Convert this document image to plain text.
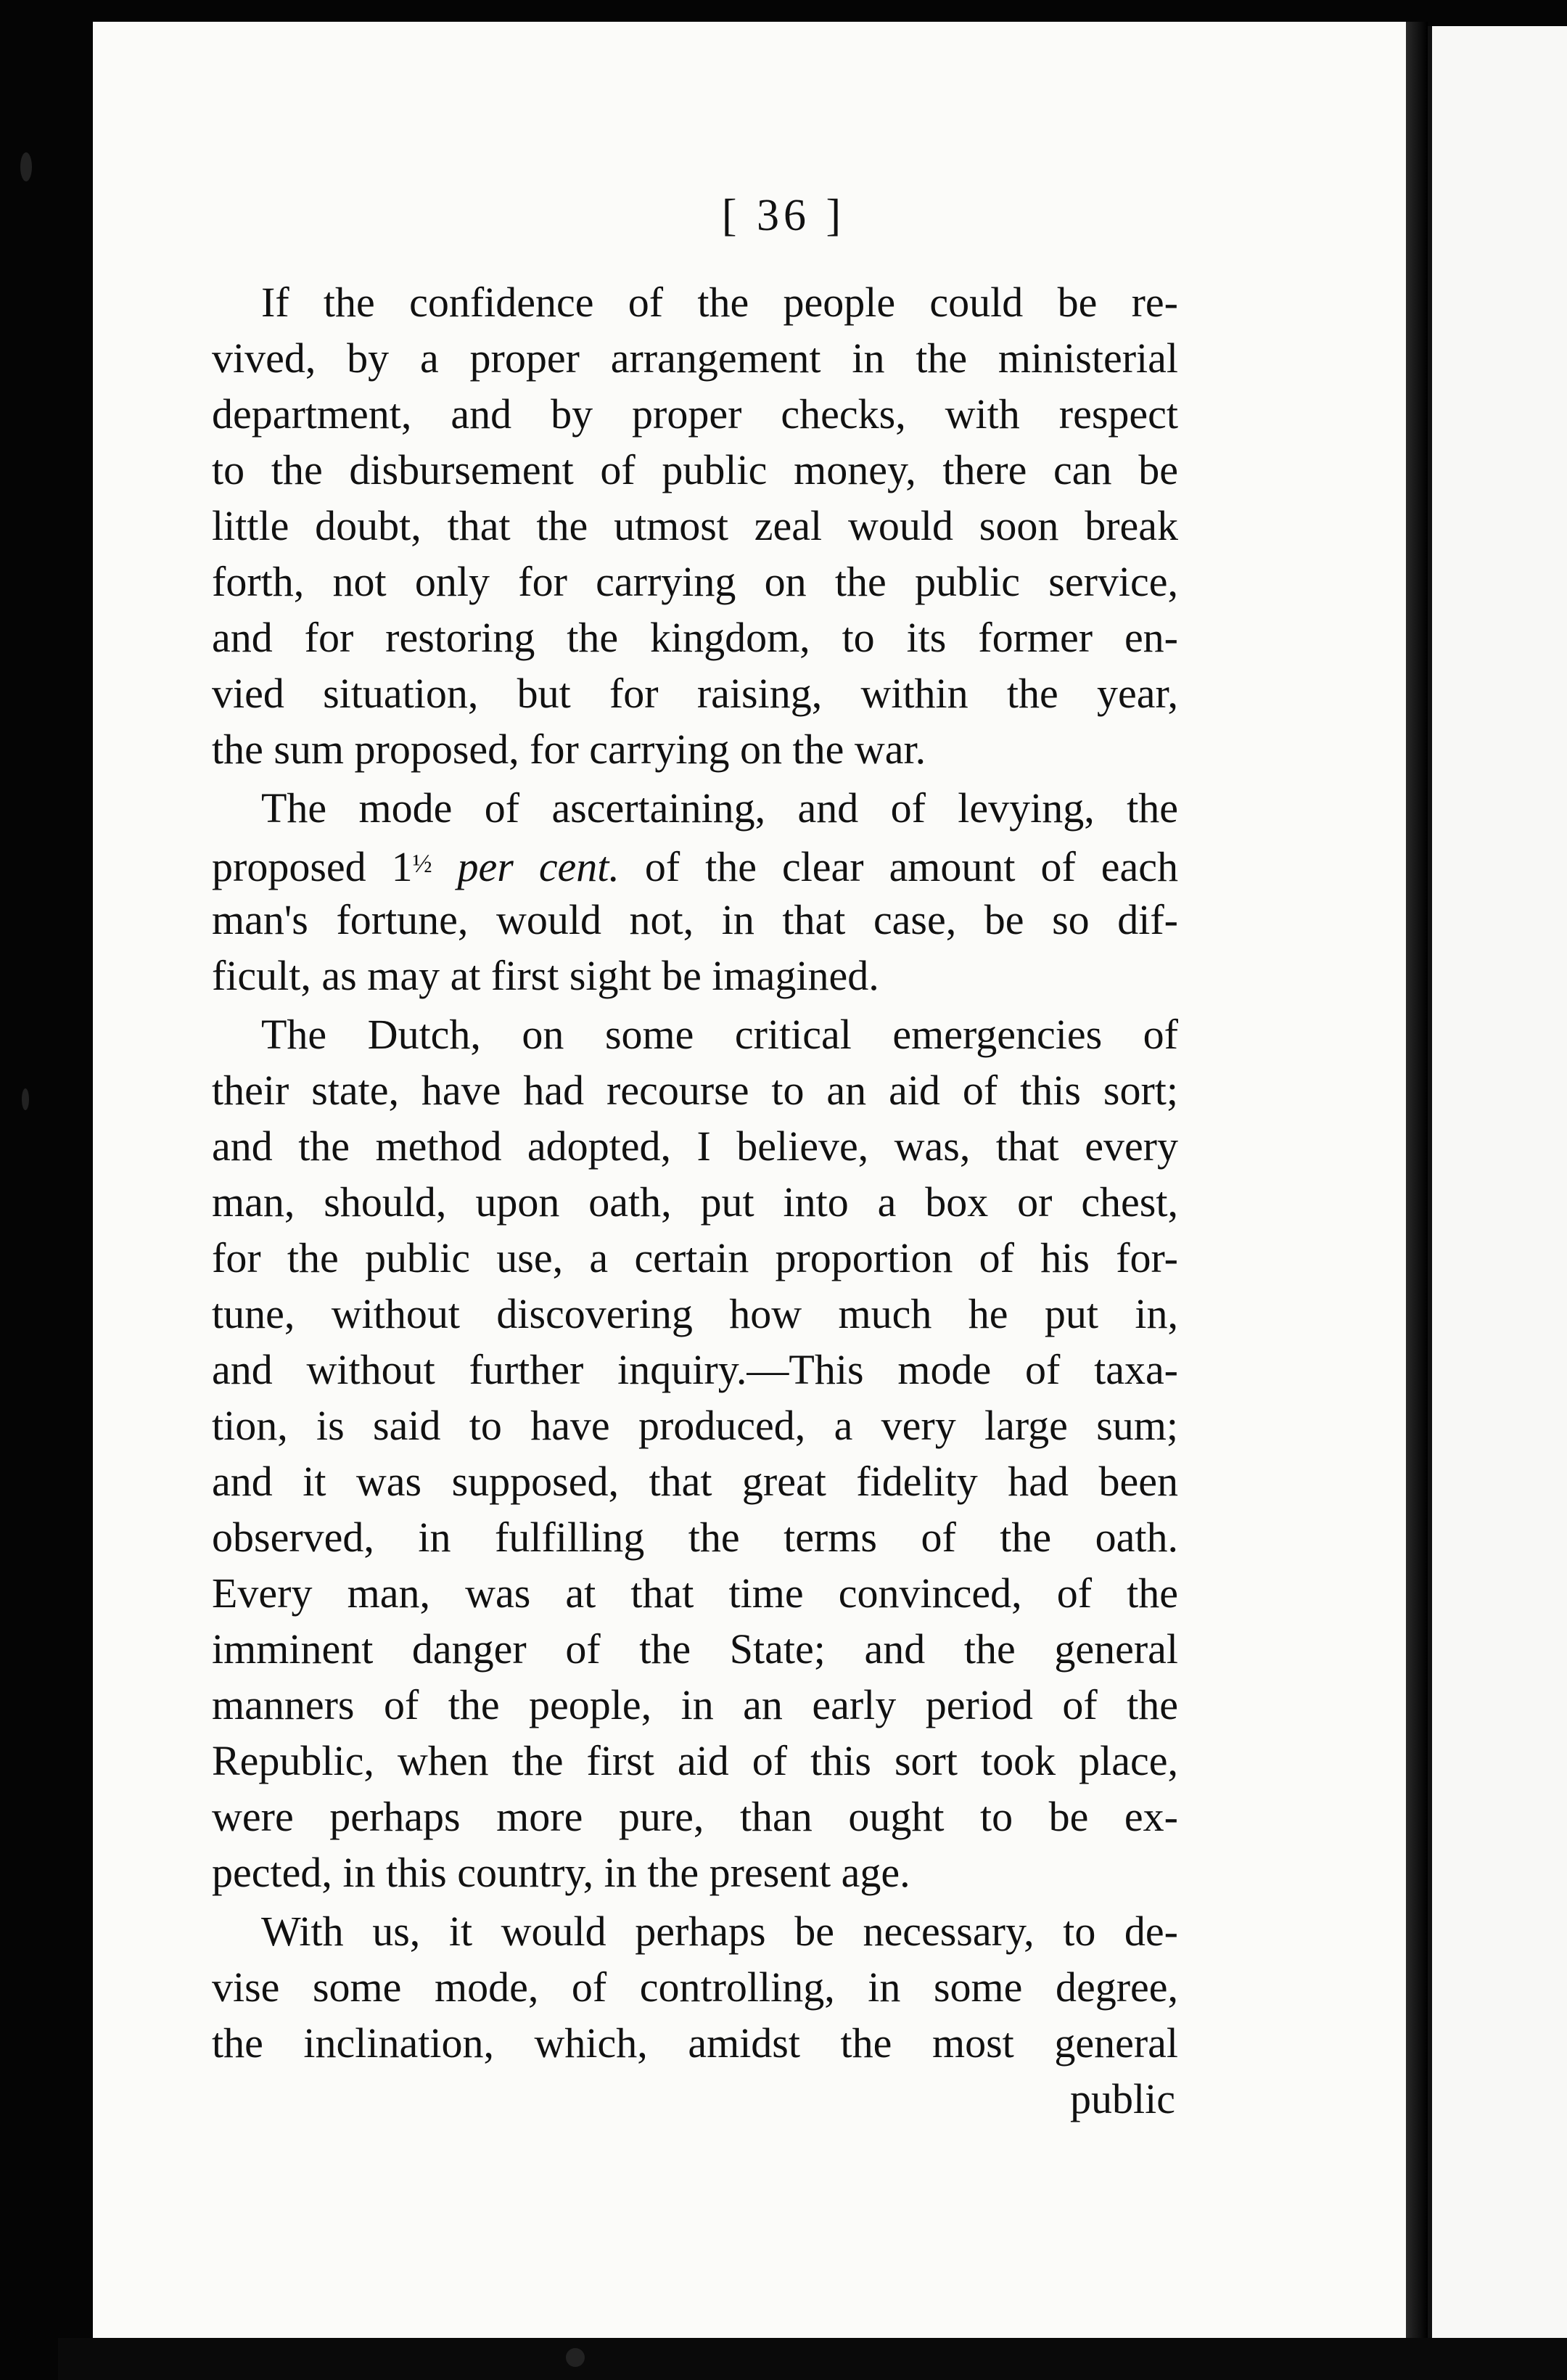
[ 36 ]
If the confidence of the people could be re-
vived, by a proper arrangement in the ministerial
department, and by proper checks, with respect
to the disbursement of public money, there can be
little doubt, that the utmost zeal would soon break
forth, not only for carrying on the public service,
and for restoring the kingdom, to its former en-
vied situation, but for raising, within the year,
the sum proposed, for carrying on the war.
The mode of ascertaining, and of levying, the
proposed $1^{\frac{1}{2}}$ per cent. of the clear amount of each
man's fortune, would not, in that case, be so dif-
ficult, as may at first sight be imagined.
The Dutch, on some critical emergencies of
their state, have had recourse to an aid of this sort;
and the method adopted, I believe, was, that every
man, should, upon oath, put into a box or chest,
for the public use, a certain proportion of his for-
tune, without discovering how much he put in,
and without further inquiry.—This mode of taxa-
tion, is said to have produced, a very large sum;
and it was supposed, that great fidelity had been
observed, in fulfilling the terms of the oath.
Every man, was at that time convinced, of the
imminent danger of the State; and the general
manners of the people, in an early period of the
Republic, when the first aid of this sort took place,
were perhaps more pure, than ought to be ex-
pected, in this country, in the present age.
With us, it would perhaps be necessary, to de-
vise some mode, of controlling, in some degree,
the inclination, which, amidst the most general
public
